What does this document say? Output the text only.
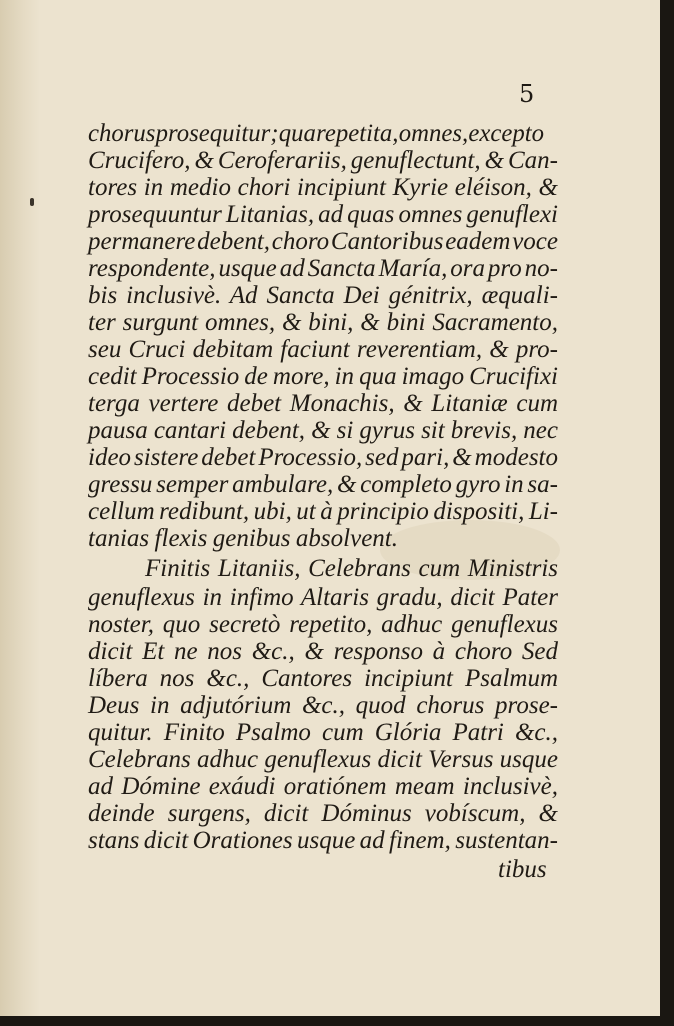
5
chorus prosequitur; qua repetita, omnes, excepto
Crucifero, & Ceroferariis, genuflectunt, & Can-
tores in medio chori incipiunt Kyrie eléison, &
prosequuntur Litanias, ad quas omnes genuflexi
permanere debent, choro Cantoribus eadem voce
respondente, usque ad Sancta María, ora pro no-
bis inclusivè. Ad Sancta Dei génitrix, æquali-
ter surgunt omnes, & bini, & bini Sacramento,
seu Cruci debitam faciunt reverentiam, & pro-
cedit Processio de more, in qua imago Crucifixi
terga vertere debet Monachis, & Litaniæ cum
pausa cantari debent, & si gyrus sit brevis, nec
ideo sistere debet Processio, sed pari, & modesto
gressu semper ambulare, & completo gyro in sa-
cellum redibunt, ubi, ut à principio dispositi, Li-
tanias flexis genibus absolvent.
Finitis Litaniis, Celebrans cum Ministris
genuflexus in infimo Altaris gradu, dicit Pater
noster, quo secretò repetito, adhuc genuflexus
dicit Et ne nos &c., & responso à choro Sed
líbera nos &c., Cantores incipiunt Psalmum
Deus in adjutórium &c., quod chorus prose-
quitur. Finito Psalmo cum Glória Patri &c.,
Celebrans adhuc genuflexus dicit Versus usque
ad Dómine exáudi oratiónem meam inclusivè,
deinde surgens, dicit Dóminus vobíscum, &
stans dicit Orationes usque ad finem, sustentan-
tibus
